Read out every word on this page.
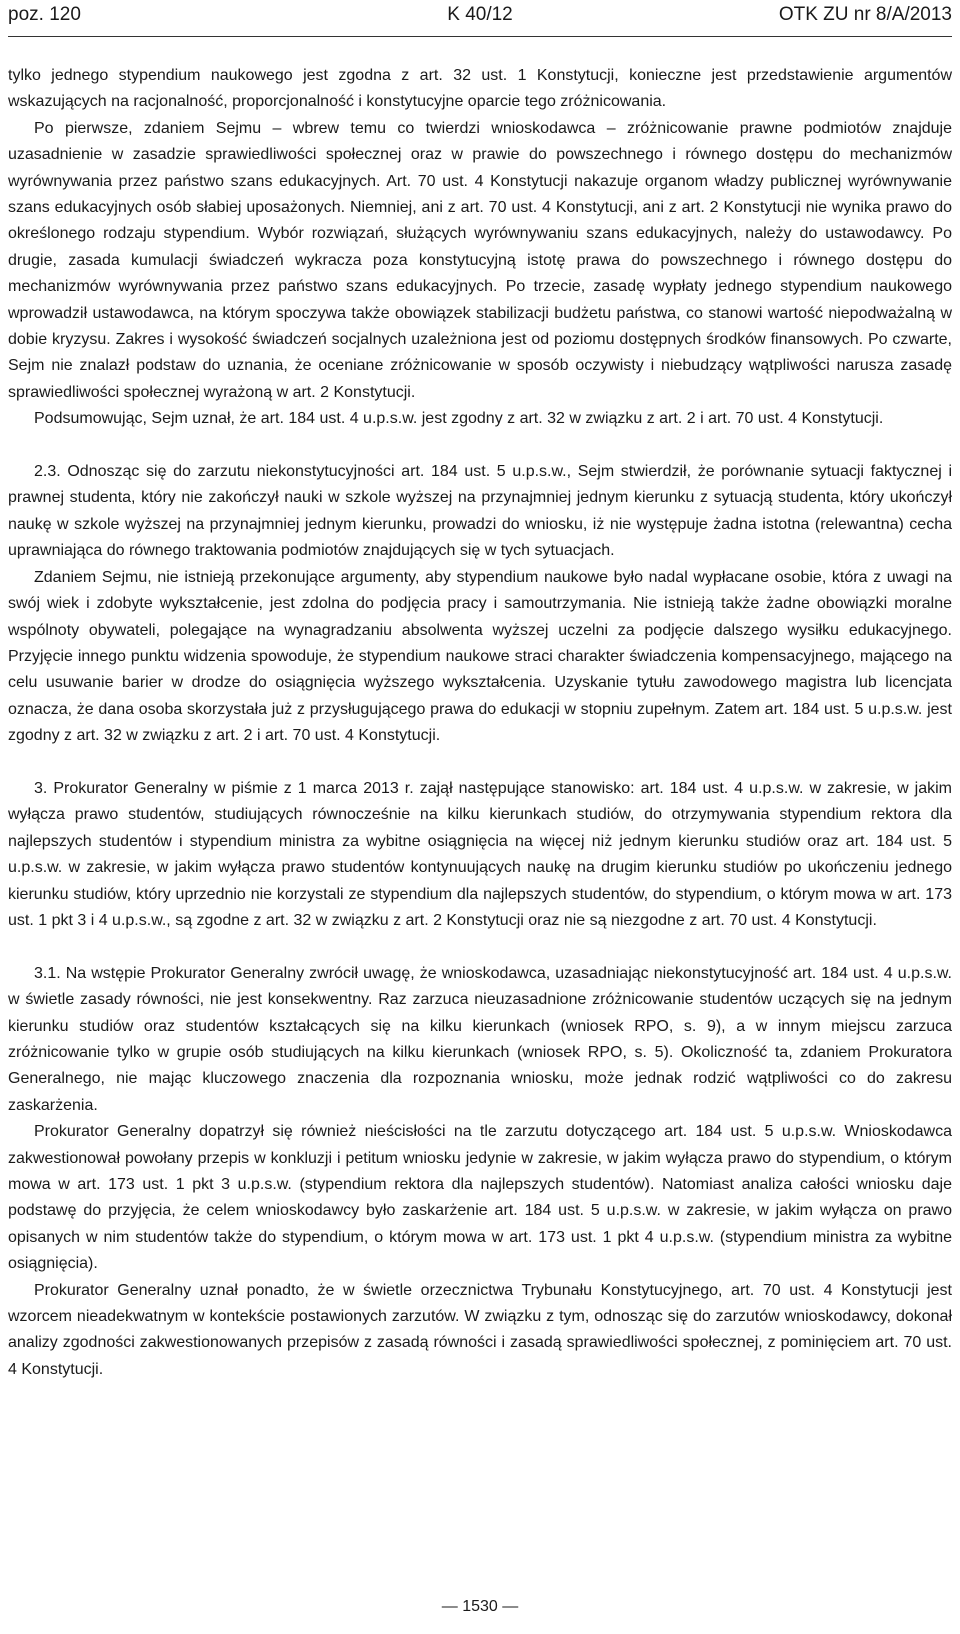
poz. 120	K 40/12	OTK ZU nr 8/A/2013

tylko jednego stypendium naukowego jest zgodna z art. 32 ust. 1 Konstytucji, konieczne jest przedstawienie argumentów wskazujących na racjonalność, proporcjonalność i konstytucyjne oparcie tego zróżnicowania.

Po pierwsze, zdaniem Sejmu – wbrew temu co twierdzi wnioskodawca – zróżnicowanie prawne podmiotów znajduje uzasadnienie w zasadzie sprawiedliwości społecznej oraz w prawie do powszechnego i równego dostępu do mechanizmów wyrównywania przez państwo szans edukacyjnych. Art. 70 ust. 4 Konstytucji nakazuje organom władzy publicznej wyrównywanie szans edukacyjnych osób słabiej uposażonych. Niemniej, ani z art. 70 ust. 4 Konstytucji, ani z art. 2 Konstytucji nie wynika prawo do określonego rodzaju stypendium. Wybór rozwiązań, służących wyrównywaniu szans edukacyjnych, należy do ustawodawcy. Po drugie, zasada kumulacji świadczeń wykracza poza konstytucyjną istotę prawa do powszechnego i równego dostępu do mechanizmów wyrównywania przez państwo szans edukacyjnych. Po trzecie, zasadę wypłaty jednego stypendium naukowego wprowadził ustawodawca, na którym spoczywa także obowiązek stabilizacji budżetu państwa, co stanowi wartość niepodważalną w dobie kryzysu. Zakres i wysokość świadczeń socjalnych uzależniona jest od poziomu dostępnych środków finansowych. Po czwarte, Sejm nie znalazł podstaw do uznania, że oceniane zróżnicowanie w sposób oczywisty i niebudzący wątpliwości narusza zasadę sprawiedliwości społecznej wyrażoną w art. 2 Konstytucji.

Podsumowując, Sejm uznał, że art. 184 ust. 4 u.p.s.w. jest zgodny z art. 32 w związku z art. 2 i art. 70 ust. 4 Konstytucji.

2.3. Odnosząc się do zarzutu niekonstytucyjności art. 184 ust. 5 u.p.s.w., Sejm stwierdził, że porównanie sytuacji faktycznej i prawnej studenta, który nie zakończył nauki w szkole wyższej na przynajmniej jednym kierunku z sytuacją studenta, który ukończył naukę w szkole wyższej na przynajmniej jednym kierunku, prowadzi do wniosku, iż nie występuje żadna istotna (relewantna) cecha uprawniająca do równego traktowania podmiotów znajdujących się w tych sytuacjach.

Zdaniem Sejmu, nie istnieją przekonujące argumenty, aby stypendium naukowe było nadal wypłacane osobie, która z uwagi na swój wiek i zdobyte wykształcenie, jest zdolna do podjęcia pracy i samoutrzymania. Nie istnieją także żadne obowiązki moralne wspólnoty obywateli, polegające na wynagradzaniu absolwenta wyższej uczelni za podjęcie dalszego wysiłku edukacyjnego. Przyjęcie innego punktu widzenia spowoduje, że stypendium naukowe straci charakter świadczenia kompensacyjnego, mającego na celu usuwanie barier w drodze do osiągnięcia wyższego wykształcenia. Uzyskanie tytułu zawodowego magistra lub licencjata oznacza, że dana osoba skorzystała już z przysługującego prawa do edukacji w stopniu zupełnym. Zatem art. 184 ust. 5 u.p.s.w. jest zgodny z art. 32 w związku z art. 2 i art. 70 ust. 4 Konstytucji.

3. Prokurator Generalny w piśmie z 1 marca 2013 r. zajął następujące stanowisko: art. 184 ust. 4 u.p.s.w. w zakresie, w jakim wyłącza prawo studentów, studiujących równocześnie na kilku kierunkach studiów, do otrzymywania stypendium rektora dla najlepszych studentów i stypendium ministra za wybitne osiągnięcia na więcej niż jednym kierunku studiów oraz art. 184 ust. 5 u.p.s.w. w zakresie, w jakim wyłącza prawo studentów kontynuujących naukę na drugim kierunku studiów po ukończeniu jednego kierunku studiów, który uprzednio nie korzystali ze stypendium dla najlepszych studentów, do stypendium, o którym mowa w art. 173 ust. 1 pkt 3 i 4 u.p.s.w., są zgodne z art. 32 w związku z art. 2 Konstytucji oraz nie są niezgodne z art. 70 ust. 4 Konstytucji.

3.1. Na wstępie Prokurator Generalny zwrócił uwagę, że wnioskodawca, uzasadniając niekonstytucyjność art. 184 ust. 4 u.p.s.w. w świetle zasady równości, nie jest konsekwentny. Raz zarzuca nieuzasadnione zróżnicowanie studentów uczących się na jednym kierunku studiów oraz studentów kształcących się na kilku kierunkach (wniosek RPO, s. 9), a w innym miejscu zarzuca zróżnicowanie tylko w grupie osób studiujących na kilku kierunkach (wniosek RPO, s. 5). Okoliczność ta, zdaniem Prokuratora Generalnego, nie mając kluczowego znaczenia dla rozpoznania wniosku, może jednak rodzić wątpliwości co do zakresu zaskarżenia.

Prokurator Generalny dopatrzył się również nieścisłości na tle zarzutu dotyczącego art. 184 ust. 5 u.p.s.w. Wnioskodawca zakwestionował powołany przepis w konkluzji i petitum wniosku jedynie w zakresie, w jakim wyłącza prawo do stypendium, o którym mowa w art. 173 ust. 1 pkt 3 u.p.s.w. (stypendium rektora dla najlepszych studentów). Natomiast analiza całości wniosku daje podstawę do przyjęcia, że celem wnioskodawcy było zaskarżenie art. 184 ust. 5 u.p.s.w. w zakresie, w jakim wyłącza on prawo opisanych w nim studentów także do stypendium, o którym mowa w art. 173 ust. 1 pkt 4 u.p.s.w. (stypendium ministra za wybitne osiągnięcia).

Prokurator Generalny uznał ponadto, że w świetle orzecznictwa Trybunału Konstytucyjnego, art. 70 ust. 4 Konstytucji jest wzorcem nieadekwatnym w kontekście postawionych zarzutów. W związku z tym, odnosząc się do zarzutów wnioskodawcy, dokonał analizy zgodności zakwestionowanych przepisów z zasadą równości i zasadą sprawiedliwości społecznej, z pominięciem art. 70 ust. 4 Konstytucji.

— 1530 —
